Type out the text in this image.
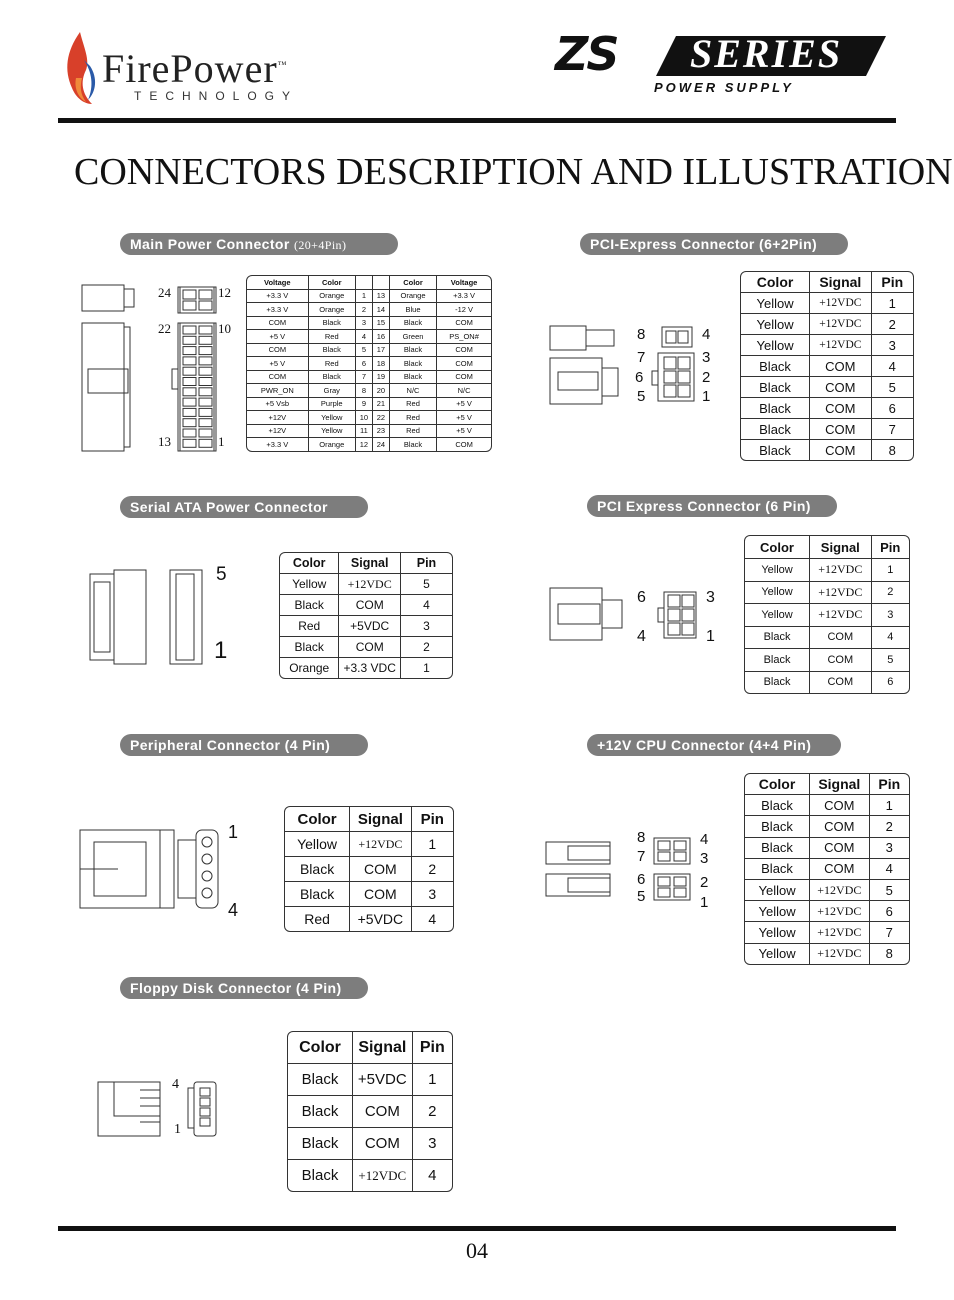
FirePower™
TECHNOLOGY
ZS SERIES
POWER SUPPLY
CONNECTORS DESCRIPTION AND ILLUSTRATION
Main Power Connector (20+4Pin)
24	12
22	10
13	1
Voltage	Color			Color	Voltage
+3.3 V	Orange	1	13	Orange	+3.3 V
+3.3 V	Orange	2	14	Blue	-12 V
COM	Black	3	15	Black	COM
+5 V	Red	4	16	Green	PS_ON#
COM	Black	5	17	Black	COM
+5 V	Red	6	18	Black	COM
COM	Black	7	19	Black	COM
PWR_ON	Gray	8	20	N/C	N/C
+5 Vsb	Purple	9	21	Red	+5 V
+12V	Yellow	10	22	Red	+5 V
+12V	Yellow	11	23	Red	+5 V
+3.3 V	Orange	12	24	Black	COM
PCI-Express Connector (6+2Pin)
8	4
7	3
6	2
5	1
Color	Signal	Pin
Yellow	+12VDC	1
Yellow	+12VDC	2
Yellow	+12VDC	3
Black	COM	4
Black	COM	5
Black	COM	6
Black	COM	7
Black	COM	8
Serial ATA Power Connector
5
1
Color	Signal	Pin
Yellow	+12VDC	5
Black	COM	4
Red	+5VDC	3
Black	COM	2
Orange	+3.3 VDC	1
PCI Express Connector (6 Pin)
6	3
4	1
Color	Signal	Pin
Yellow	+12VDC	1
Yellow	+12VDC	2
Yellow	+12VDC	3
Black	COM	4
Black	COM	5
Black	COM	6
Peripheral Connector (4 Pin)
1
4
Color	Signal	Pin
Yellow	+12VDC	1
Black	COM	2
Black	COM	3
Red	+5VDC	4
+12V CPU Connector (4+4 Pin)
8	4
7	3
6	2
5	1
Color	Signal	Pin
Black	COM	1
Black	COM	2
Black	COM	3
Black	COM	4
Yellow	+12VDC	5
Yellow	+12VDC	6
Yellow	+12VDC	7
Yellow	+12VDC	8
Floppy Disk Connector (4 Pin)
4
1
Color	Signal	Pin
Black	+5VDC	1
Black	COM	2
Black	COM	3
Black	+12VDC	4
04
